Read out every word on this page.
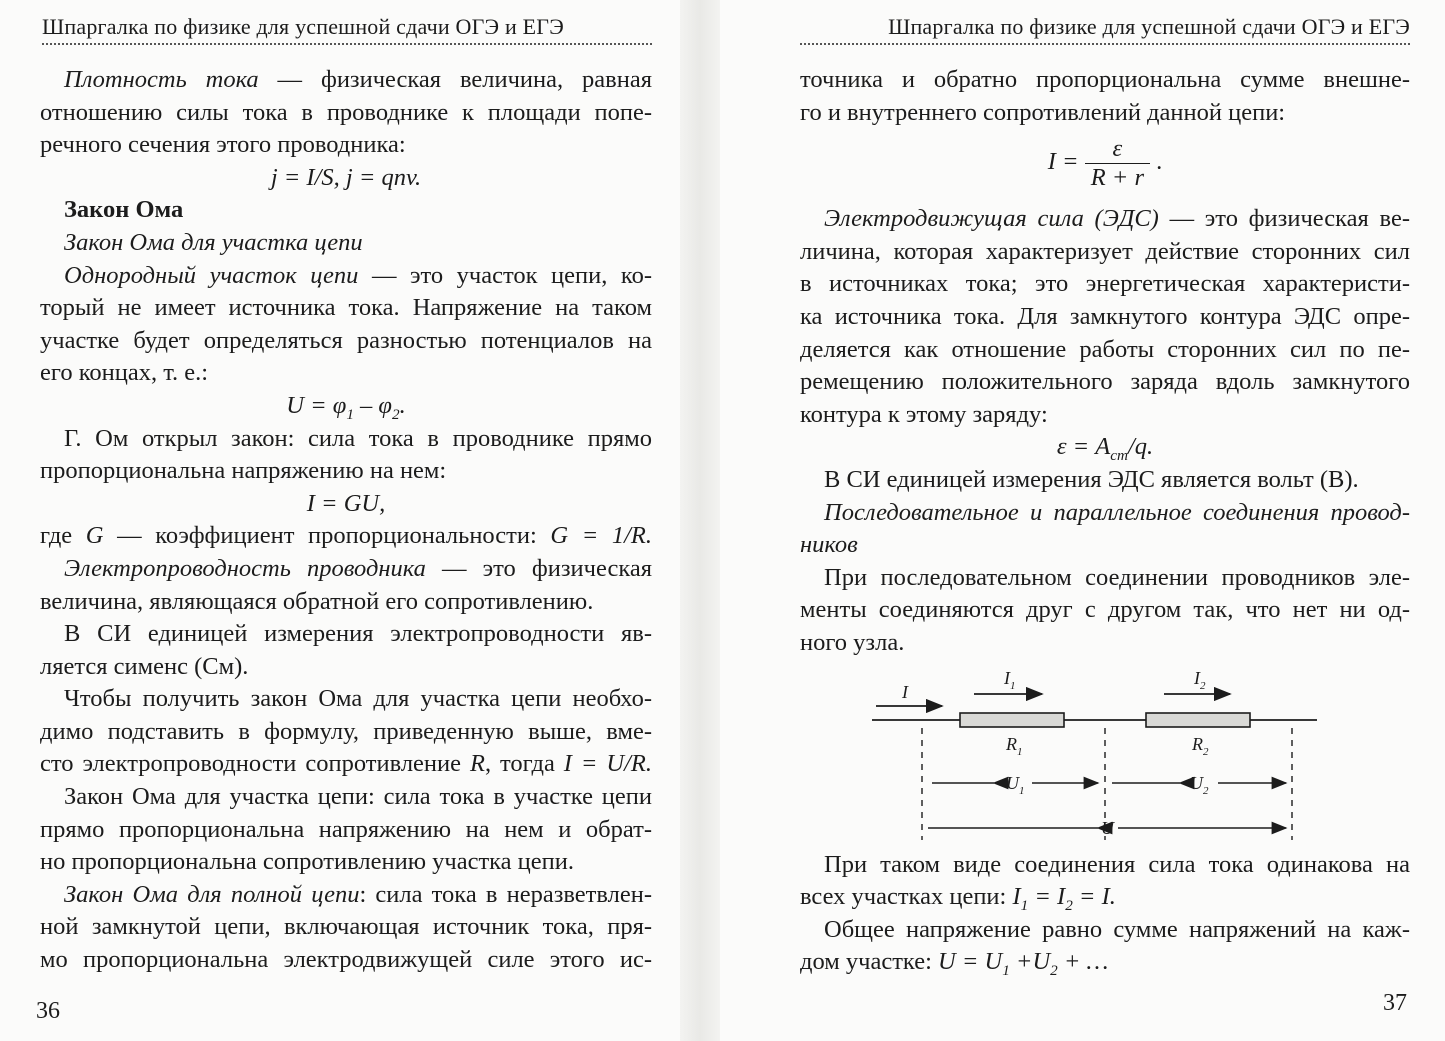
Шпаргалка по физике для успешной сдачи ОГЭ и ЕГЭ
Плотность тока — физическая величина, равная
отношению силы тока в проводнике к площади попе-
речного сечения этого проводника:
j = I/S, j = qnv.
Закон Ома
Закон Ома для участка цепи
Однородный участок цепи — это участок цепи, ко-
торый не имеет источника тока. Напряжение на таком
участке будет определяться разностью потенциалов на
его концах, т. е.:
$U = \varphi_1 - \varphi_2$.
Г. Ом открыл закон: сила тока в проводнике прямо
пропорциональна напряжению на нем:
I = GU,
где G — коэффициент пропорциональности: G = 1/R.
Электропроводность проводника — это физическая
величина, являющаяся обратной его сопротивлению.
В СИ единицей измерения электропроводности яв-
ляется сименс (См).
Чтобы получить закон Ома для участка цепи необхо-
димо подставить в формулу, приведенную выше, вме-
сто электропроводности сопротивление R, тогда I = U/R.
Закон Ома для участка цепи: сила тока в участке цепи
прямо пропорциональна напряжению на нем и обрат-
но пропорциональна сопротивлению участка цепи.
Закон Ома для полной цепи: сила тока в неразветвлен-
ной замкнутой цепи, включающая источник тока, пря-
мо пропорциональна электродвижущей силе этого ис-
36
Шпаргалка по физике для успешной сдачи ОГЭ и ЕГЭ
точника и обратно пропорциональна сумме внешне-
го и внутреннего сопротивлений данной цепи:
$I = \frac{\varepsilon}{R + r}$ .
Электродвижущая сила (ЭДС) — это физическая ве-
личина, которая характеризует действие сторонних сил
в источниках тока; это энергетическая характеристи-
ка источника тока. Для замкнутого контура ЭДС опре-
деляется как отношение работы сторонних сил по пе-
ремещению положительного заряда вдоль замкнутого
контура к этому заряду:
$\varepsilon = A_{cm}/q$.
В СИ единицей измерения ЭДС является вольт (В).
Последовательное и параллельное соединения провод-
ников
При последовательном соединении проводников эле-
менты соединяются друг с другом так, что нет ни од-
ного узла.
I
$I_1$	$I_2$
$R_1$	$R_2$
$U_1$	$U_2$
U
При таком виде соединения сила тока одинакова на
всех участках цепи: $I_1 = I_2 = I$.
Общее напряжение равно сумме напряжений на каж-
дом участке: $U = U_1 +U_2$ + …
37
